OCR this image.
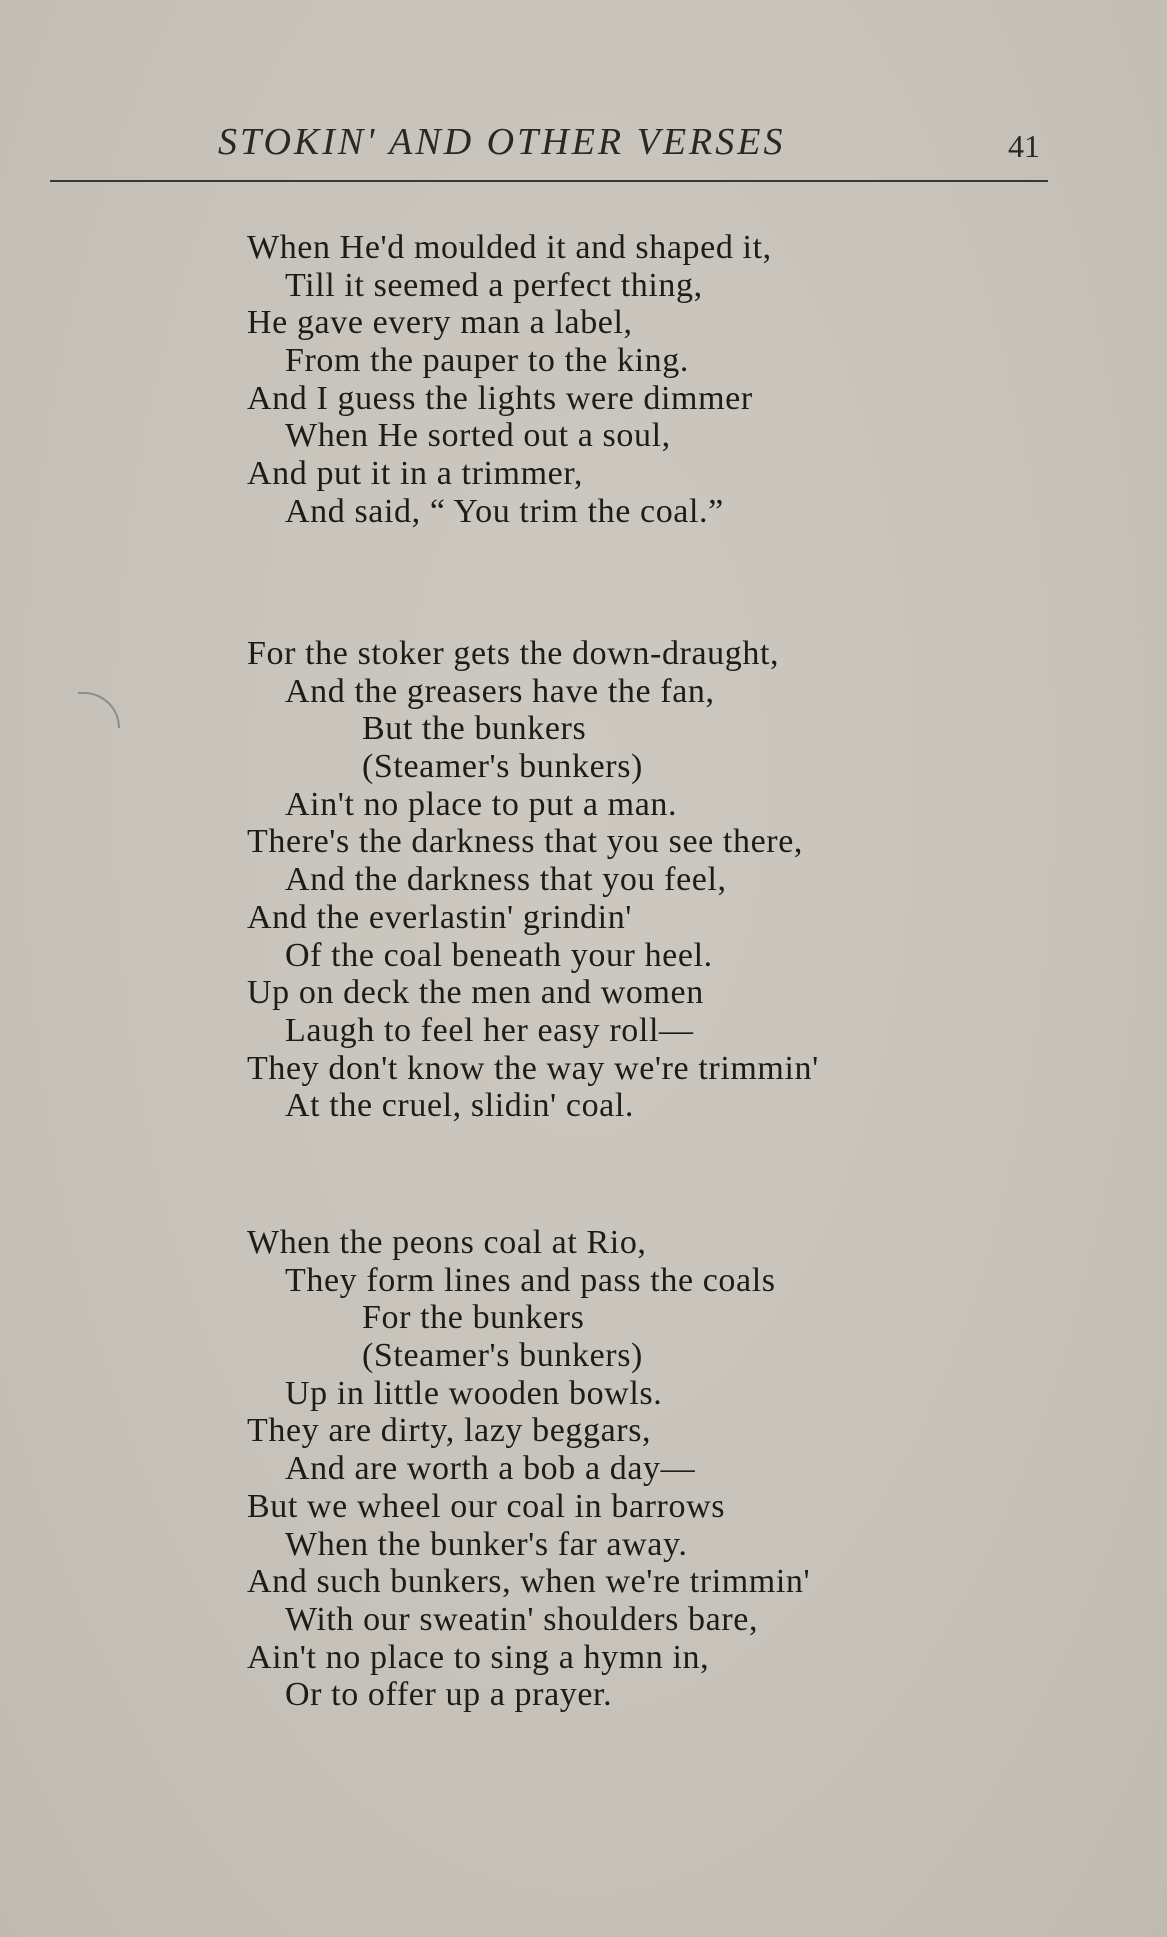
STOKIN' AND OTHER VERSES	41
When He'd moulded it and shaped it,
Till it seemed a perfect thing,
He gave every man a label,
From the pauper to the king.
And I guess the lights were dimmer
When He sorted out a soul,
And put it in a trimmer,
And said, “ You trim the coal.”
For the stoker gets the down-draught,
And the greasers have the fan,
But the bunkers
(Steamer's bunkers)
Ain't no place to put a man.
There's the darkness that you see there,
And the darkness that you feel,
And the everlastin' grindin'
Of the coal beneath your heel.
Up on deck the men and women
Laugh to feel her easy roll—
They don't know the way we're trimmin'
At the cruel, slidin' coal.
When the peons coal at Rio,
They form lines and pass the coals
For the bunkers
(Steamer's bunkers)
Up in little wooden bowls.
They are dirty, lazy beggars,
And are worth a bob a day—
But we wheel our coal in barrows
When the bunker's far away.
And such bunkers, when we're trimmin'
With our sweatin' shoulders bare,
Ain't no place to sing a hymn in,
Or to offer up a prayer.
